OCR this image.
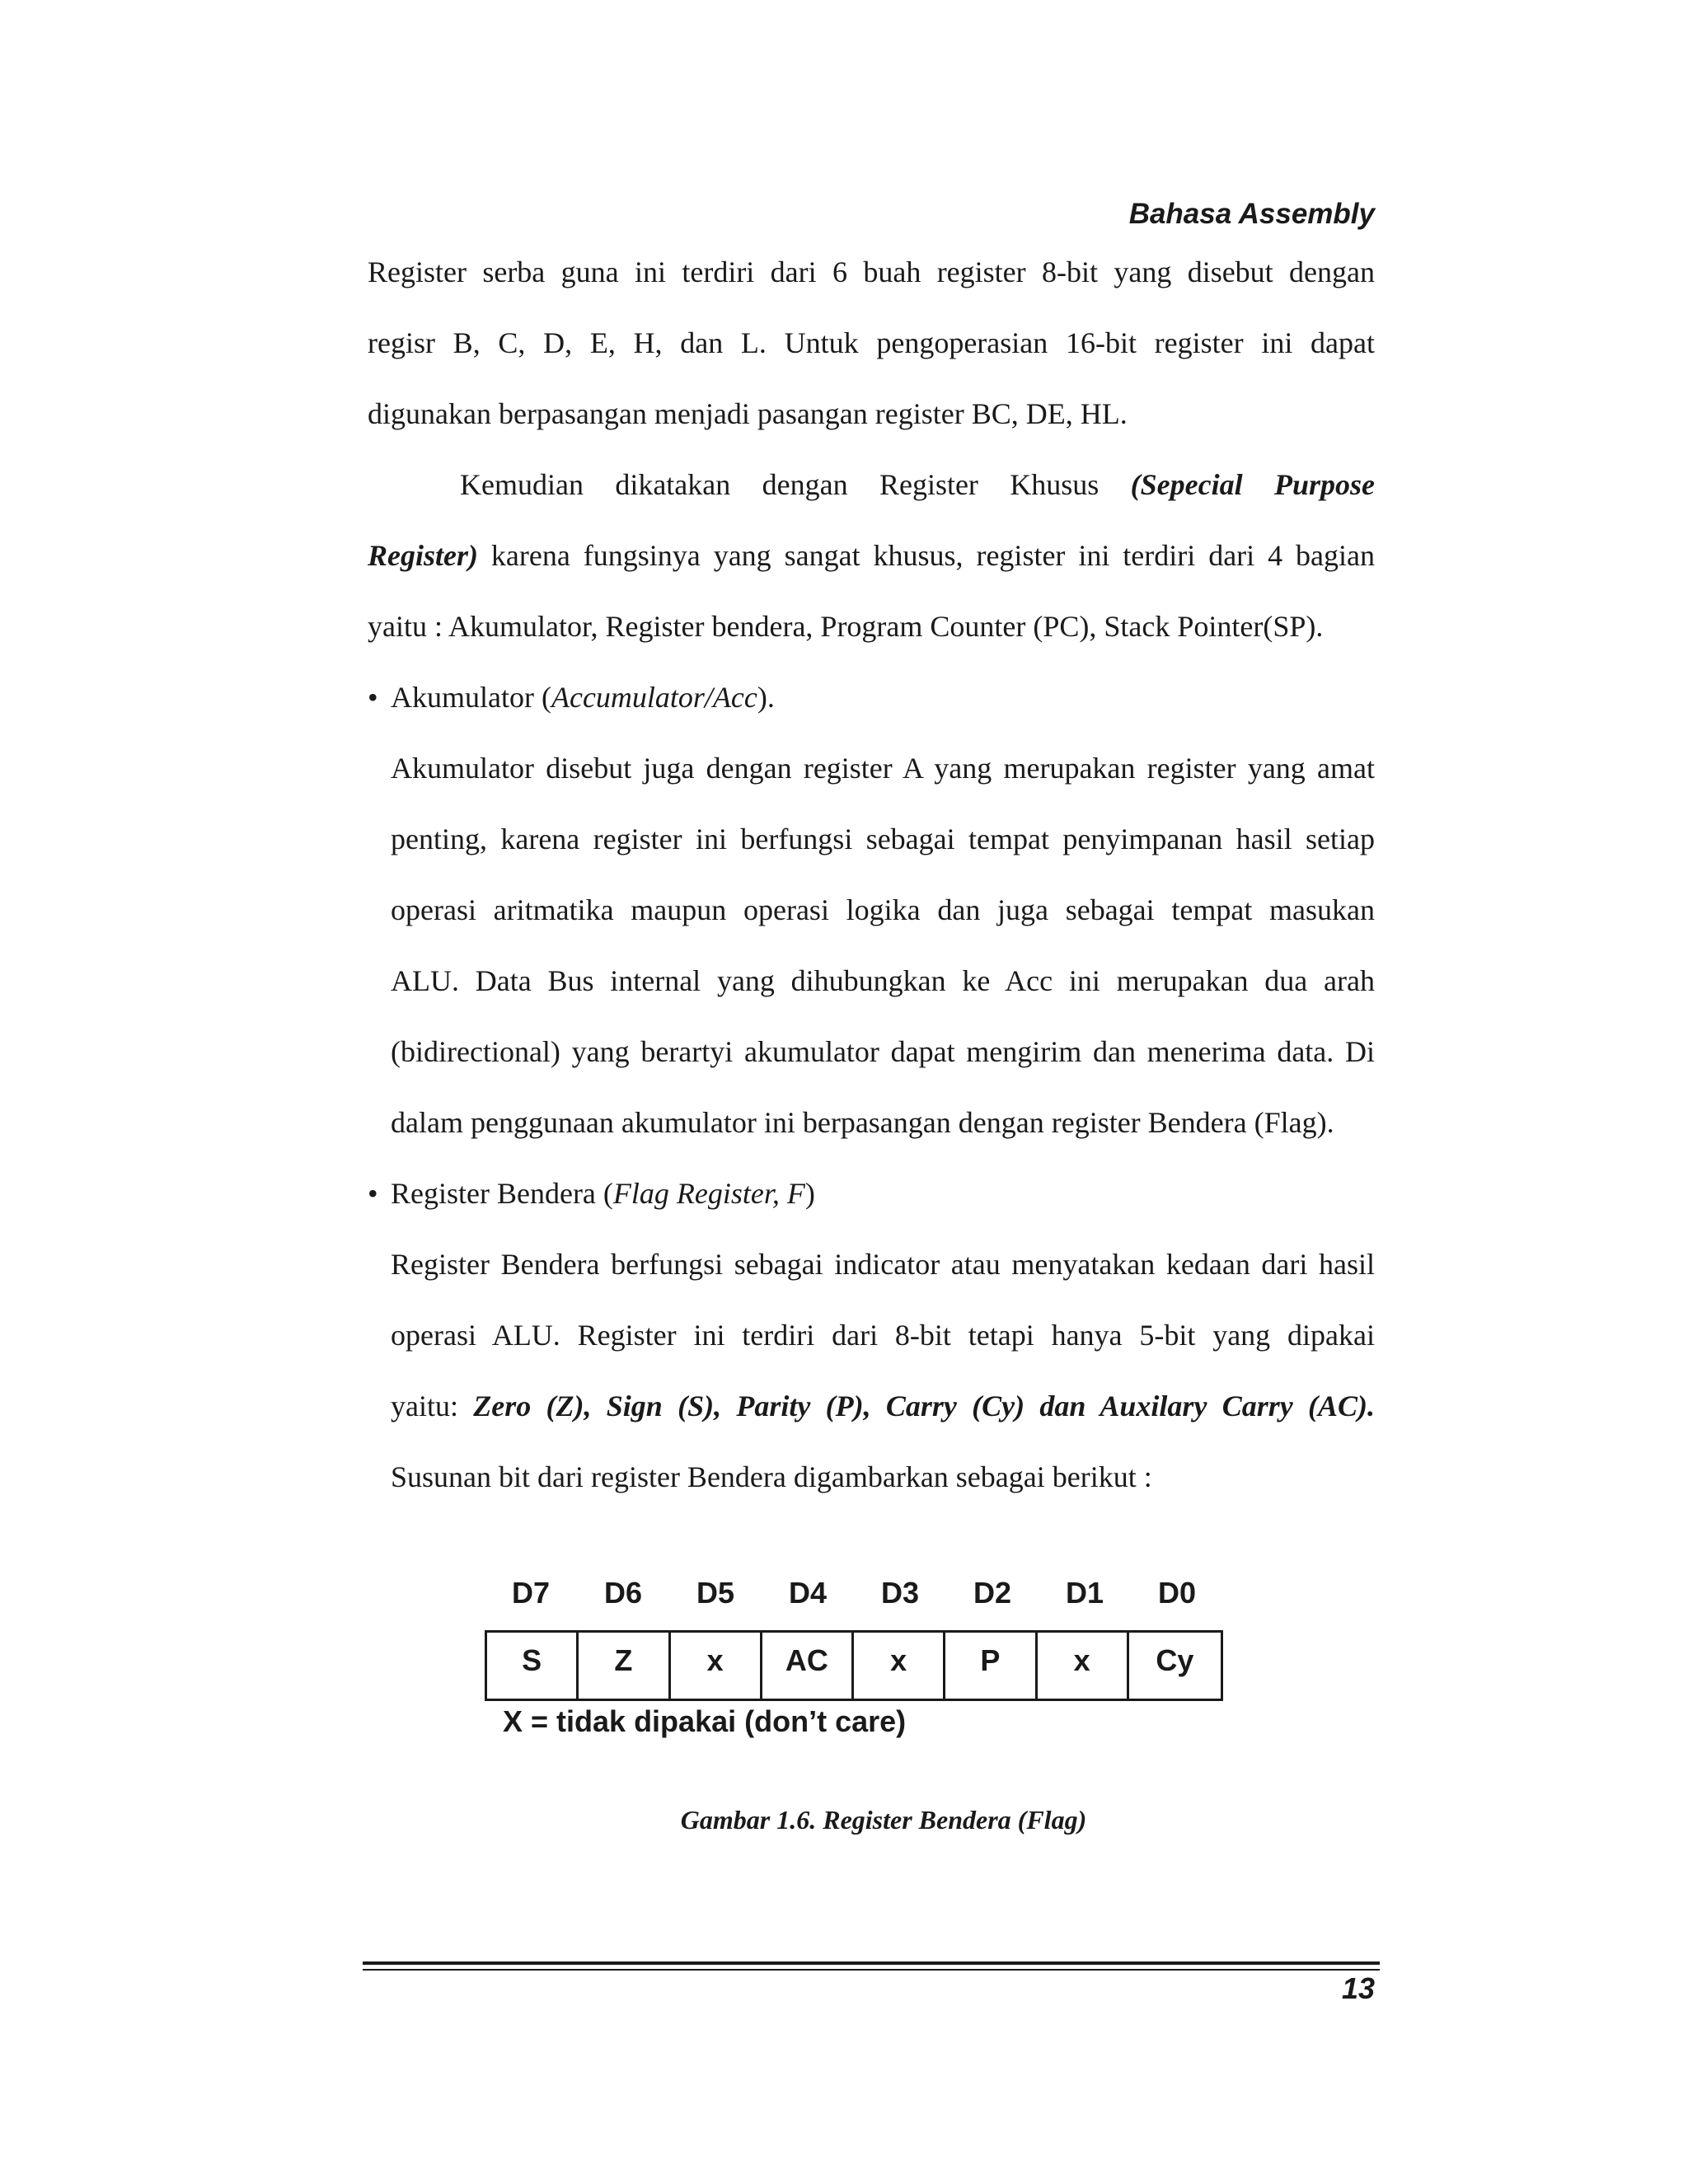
Bahasa Assembly
Register serba guna ini terdiri dari 6 buah register 8-bit yang disebut dengan
regisr B, C, D, E, H, dan L. Untuk pengoperasian 16-bit register ini dapat
digunakan berpasangan menjadi pasangan register BC, DE, HL.
Kemudian dikatakan dengan Register Khusus (Sepecial Purpose
Register) karena fungsinya yang sangat khusus, register ini terdiri dari 4 bagian
yaitu : Akumulator, Register bendera, Program Counter (PC), Stack Pointer(SP).
• Akumulator (Accumulator/Acc).
Akumulator disebut juga dengan register A yang merupakan register yang amat
penting, karena register ini berfungsi sebagai tempat penyimpanan hasil setiap
operasi aritmatika maupun operasi logika dan juga sebagai tempat masukan
ALU. Data Bus internal yang dihubungkan ke Acc ini merupakan dua arah
(bidirectional) yang berartyi akumulator dapat mengirim dan menerima data. Di
dalam penggunaan akumulator ini berpasangan dengan register Bendera (Flag).
• Register Bendera (Flag Register, F)
Register Bendera berfungsi sebagai indicator atau menyatakan kedaan dari hasil
operasi ALU. Register ini terdiri dari 8-bit tetapi hanya 5-bit yang dipakai
yaitu: Zero (Z), Sign (S), Parity (P), Carry (Cy) dan Auxilary Carry (AC).
Susunan bit dari register Bendera digambarkan sebagai berikut :
D7	D6	D5	D4	D3	D2	D1	D0
S	Z	x	AC	x	P	x	Cy
X = tidak dipakai (don’t care)
Gambar 1.6. Register Bendera (Flag)
13
